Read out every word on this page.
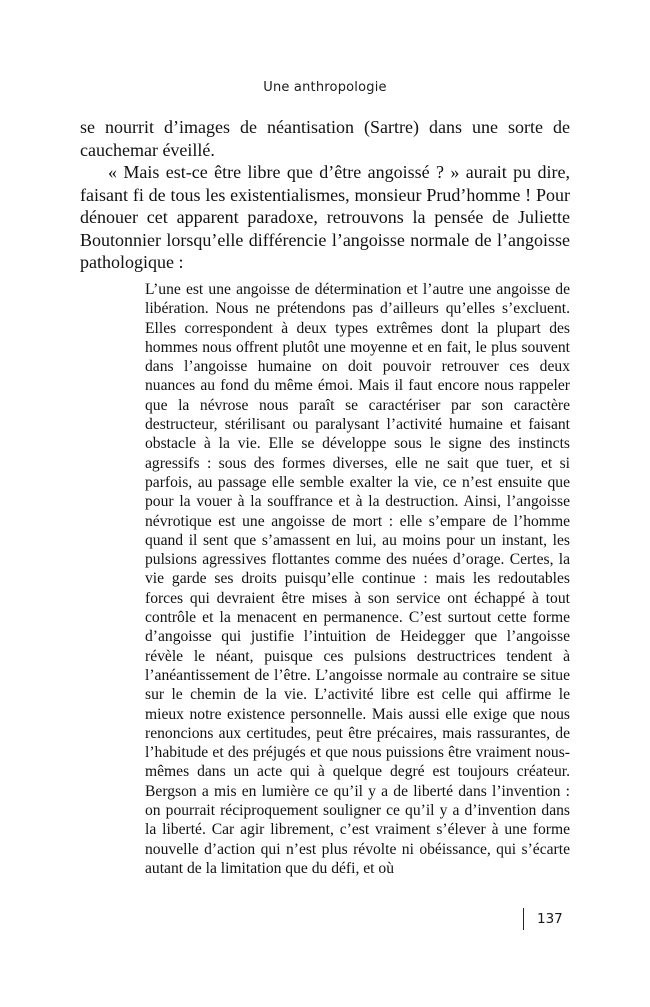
Une anthropologie

se nourrit d’images de néantisation (Sartre) dans une sorte de cauchemar éveillé.

« Mais est-ce être libre que d’être angoissé ? » aurait pu dire, faisant fi de tous les existentialismes, monsieur Prud’homme ! Pour dénouer cet apparent paradoxe, retrouvons la pensée de Juliette Boutonnier lorsqu’elle différencie l’angoisse normale de l’angoisse pathologique :

L’une est une angoisse de détermination et l’autre une angoisse de libération. Nous ne prétendons pas d’ailleurs qu’elles s’excluent. Elles correspondent à deux types extrêmes dont la plupart des hommes nous offrent plutôt une moyenne et en fait, le plus souvent dans l’angoisse humaine on doit pouvoir retrouver ces deux nuances au fond du même émoi. Mais il faut encore nous rappeler que la névrose nous paraît se caractériser par son caractère destructeur, stérilisant ou paralysant l’activité humaine et faisant obstacle à la vie. Elle se développe sous le signe des instincts agressifs : sous des formes diverses, elle ne sait que tuer, et si parfois, au passage elle semble exalter la vie, ce n’est ensuite que pour la vouer à la souffrance et à la destruction. Ainsi, l’angoisse névrotique est une angoisse de mort : elle s’empare de l’homme quand il sent que s’amassent en lui, au moins pour un instant, les pulsions agressives flottantes comme des nuées d’orage. Certes, la vie garde ses droits puisqu’elle continue : mais les redoutables forces qui devraient être mises à son service ont échappé à tout contrôle et la menacent en permanence. C’est surtout cette forme d’angoisse qui justifie l’intuition de Heidegger que l’angoisse révèle le néant, puisque ces pulsions destructrices tendent à l’anéantissement de l’être. L’angoisse normale au contraire se situe sur le chemin de la vie. L’activité libre est celle qui affirme le mieux notre existence personnelle. Mais aussi elle exige que nous renoncions aux certitudes, peut être précaires, mais rassurantes, de l’habitude et des préjugés et que nous puissions être vraiment nous-mêmes dans un acte qui à quelque degré est toujours créateur. Bergson a mis en lumière ce qu’il y a de liberté dans l’invention : on pourrait réciproquement souligner ce qu’il y a d’invention dans la liberté. Car agir librement, c’est vraiment s’élever à une forme nouvelle d’action qui n’est plus révolte ni obéissance, qui s’écarte autant de la limitation que du défi, et où

137
